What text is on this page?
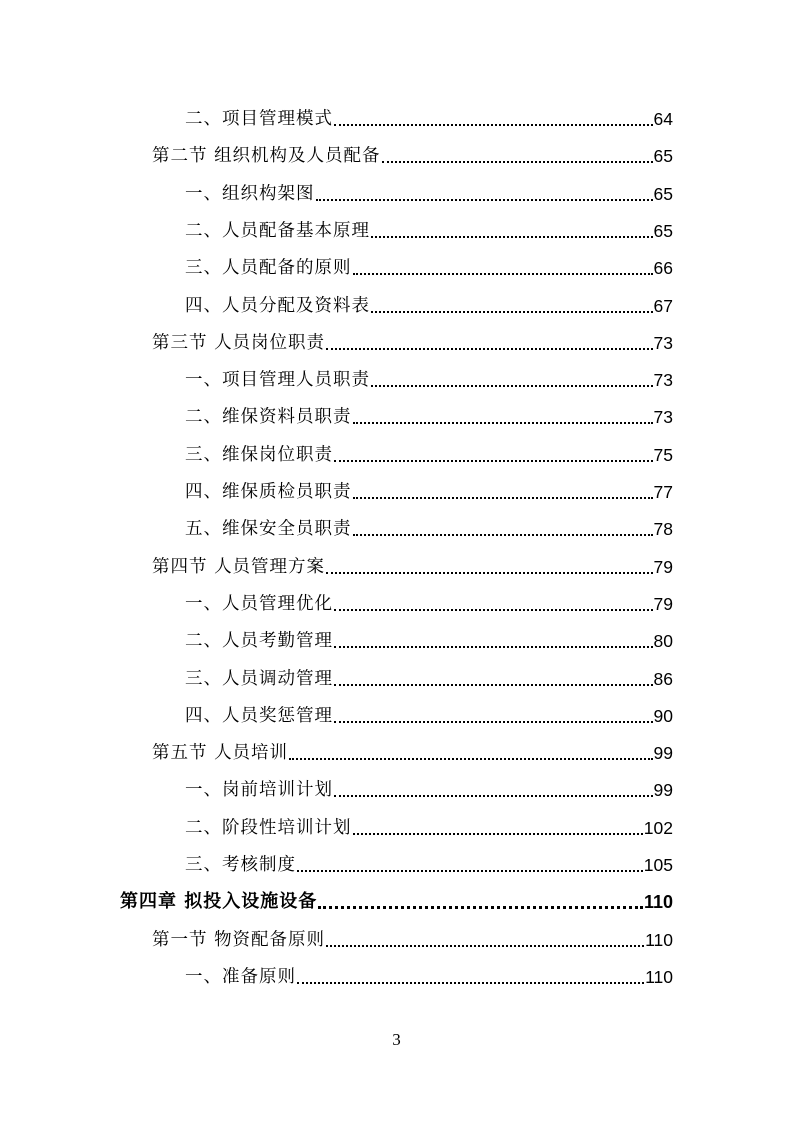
二、项目管理模式	64
第二节 组织机构及人员配备	65
一、组织构架图	65
二、人员配备基本原理	65
三、人员配备的原则	66
四、人员分配及资料表	67
第三节 人员岗位职责	73
一、项目管理人员职责	73
二、维保资料员职责	73
三、维保岗位职责	75
四、维保质检员职责	77
五、维保安全员职责	78
第四节 人员管理方案	79
一、人员管理优化	79
二、人员考勤管理	80
三、人员调动管理	86
四、人员奖惩管理	90
第五节 人员培训	99
一、岗前培训计划	99
二、阶段性培训计划	102
三、考核制度	105
第四章 拟投入设施设备	110
第一节 物资配备原则	110
一、准备原则	110
3
